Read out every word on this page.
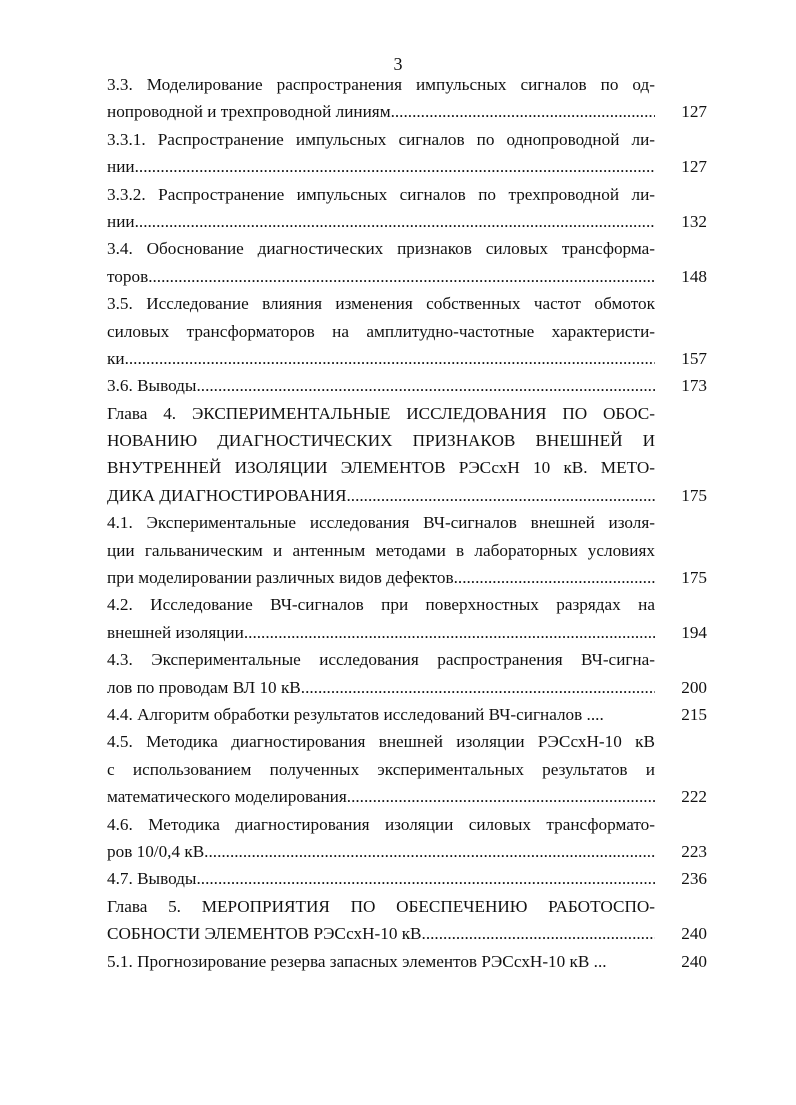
3
3.3. Моделирование распространения импульсных сигналов по од-
нопроводной и трехпроводной линиям .....	127
3.3.1. Распространение импульсных сигналов по однопроводной ли-
нии .....	127
3.3.2. Распространение импульсных сигналов по трехпроводной ли-
нии .....	132
3.4. Обоснование диагностических признаков силовых трансформа-
торов .....	148
3.5. Исследование влияния изменения собственных частот обмоток
силовых трансформаторов на амплитудно-частотные характеристи-
ки .....	157
3.6. Выводы .....	173
Глава 4. ЭКСПЕРИМЕНТАЛЬНЫЕ ИССЛЕДОВАНИЯ ПО ОБОС-
НОВАНИЮ ДИАГНОСТИЧЕСКИХ ПРИЗНАКОВ ВНЕШНЕЙ И
ВНУТРЕННЕЙ ИЗОЛЯЦИИ ЭЛЕМЕНТОВ РЭСсхН 10 кВ. МЕТО-
ДИКА ДИАГНОСТИРОВАНИЯ .....	175
4.1. Экспериментальные исследования ВЧ-сигналов внешней изоля-
ции гальваническим и антенным методами в лабораторных условиях
при моделировании различных видов дефектов .....	175
4.2. Исследование ВЧ-сигналов при поверхностных разрядах на
внешней изоляции .....	194
4.3. Экспериментальные исследования распространения ВЧ-сигна-
лов по проводам ВЛ 10 кВ .....	200
4.4. Алгоритм обработки результатов исследований ВЧ-сигналов ....	215
4.5. Методика диагностирования внешней изоляции РЭСсхН-10 кВ
с использованием полученных экспериментальных результатов и
математического моделирования .....	222
4.6. Методика диагностирования изоляции силовых трансформато-
ров 10/0,4 кВ .....	223
4.7. Выводы .....	236
Глава 5. МЕРОПРИЯТИЯ ПО ОБЕСПЕЧЕНИЮ РАБОТОСПО-
СОБНОСТИ ЭЛЕМЕНТОВ РЭСсхН-10 кВ .....	240
5.1. Прогнозирование резерва запасных элементов РЭСсхН-10 кВ ...	240
